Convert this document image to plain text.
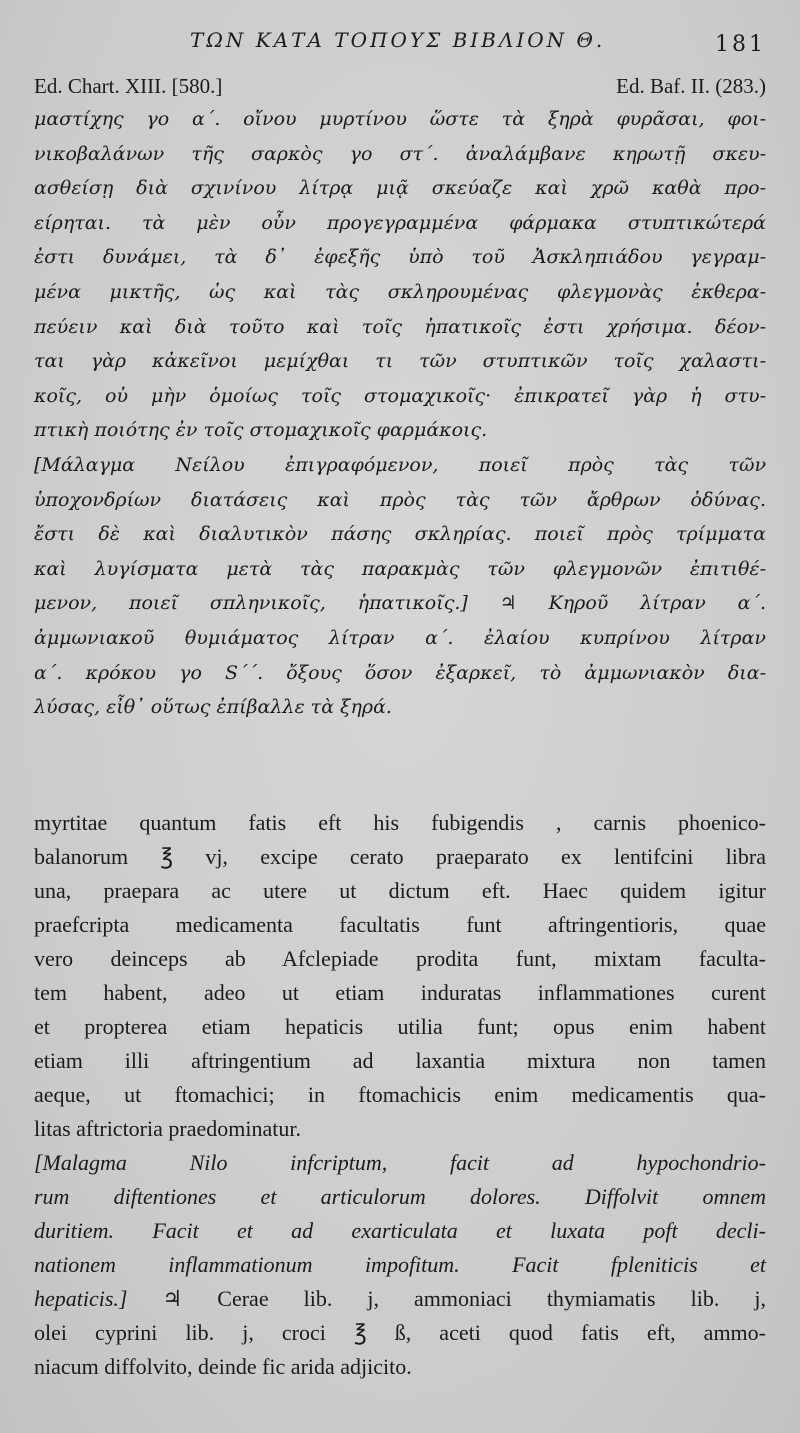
ΤΩΝ ΚΑΤΑ ΤΟΠΟΥΣ ΒΙΒΛΙΟΝ Θ.	181
Ed. Chart. XIII. [580.]	Ed. Baf. II. (283.)

μαστίχης γο α΄. οἴνου μυρτίνου ὥστε τὰ ξηρὰ φυρᾶσαι, φοι-

νικοβαλάνων τῆς σαρκὸς γο στ΄. ἀναλάμβανε κηρωτῇ σκευ-

ασθείσῃ διὰ σχινίνου λίτρᾳ μιᾷ σκεύαζε καὶ χρῶ καθὰ προ-

είρηται. τὰ μὲν οὖν προγεγραμμένα φάρμακα στυπτικώτερά

ἐστι δυνάμει, τὰ δ᾽ ἐφεξῆς ὑπὸ τοῦ Ἀσκληπιάδου γεγραμ-

μένα μικτῆς, ὡς καὶ τὰς σκληρουμένας φλεγμονὰς ἐκθερα-

πεύειν καὶ διὰ τοῦτο καὶ τοῖς ἡπατικοῖς ἐστι χρήσιμα. δέον-

ται γὰρ κἀκεῖνοι μεμίχθαι τι τῶν στυπτικῶν τοῖς χαλαστι-

κοῖς, οὐ μὴν ὁμοίως τοῖς στομαχικοῖς· ἐπικρατεῖ γὰρ ἡ στυ-

πτικὴ ποιότης ἐν τοῖς στομαχικοῖς φαρμάκοις.

[Μάλαγμα Νείλου ἐπιγραφόμενον, ποιεῖ πρὸς τὰς τῶν

ὑποχονδρίων διατάσεις καὶ πρὸς τὰς τῶν ἄρθρων ὀδύνας.

ἔστι δὲ καὶ διαλυτικὸν πάσης σκληρίας. ποιεῖ πρὸς τρίμματα

καὶ λυγίσματα μετὰ τὰς παρακμὰς τῶν φλεγμονῶν ἐπιτιθέ-

μενον, ποιεῖ σπληνικοῖς, ἡπατικοῖς.] ♃ Κηροῦ λίτραν α΄.

ἀμμωνιακοῦ θυμιάματος λίτραν α΄. ἐλαίου κυπρίνου λίτραν

α΄. κρόκου γο S΄΄. ὄξους ὅσον ἐξαρκεῖ, τὸ ἀμμωνιακὸν δια-

λύσας, εἶθ᾽ οὕτως ἐπίβαλλε τὰ ξηρά.

myrtitae quantum fatis eft his fubigendis , carnis phoenico-

balanorum ℥ vj, excipe cerato praeparato ex lentifcini libra

una, praepara ac utere ut dictum eft. Haec quidem igitur

praefcripta medicamenta facultatis funt aftringentioris, quae

vero deinceps ab Afclepiade prodita funt, mixtam faculta-

tem habent, adeo ut etiam induratas inflammationes curent

et propterea etiam hepaticis utilia funt; opus enim habent

etiam illi aftringentium ad laxantia mixtura non tamen

aeque, ut ftomachici; in ftomachicis enim medicamentis qua-

litas aftrictoria praedominatur.

[Malagma Nilo infcriptum, facit ad hypochondrio-

rum diftentiones et articulorum dolores. Diffolvit omnem

duritiem. Facit et ad exarticulata et luxata poft decli-

nationem inflammationum impofitum. Facit fpleniticis et

hepaticis.] ♃ Cerae lib. j, ammoniaci thymiamatis lib. j,

olei cyprini lib. j, croci ℥ ß, aceti quod fatis eft, ammo-

niacum diffolvito, deinde fic arida adjicito.
